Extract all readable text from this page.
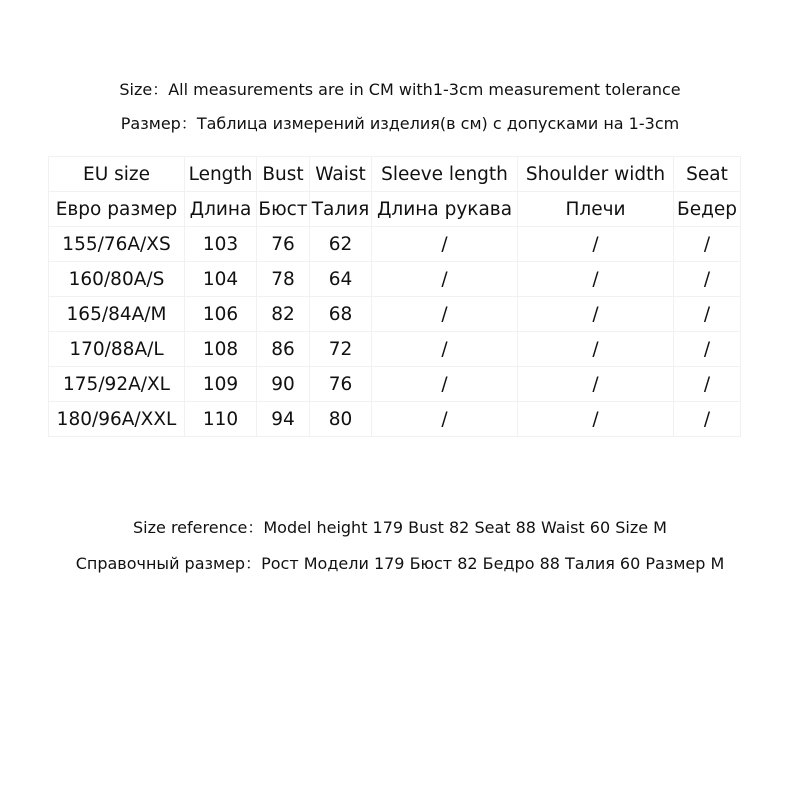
Size：All measurements are in CM with1-3cm measurement tolerance
Размер：Таблица измерений изделия(в см) с допусками на 1-3cm
EU size	Length	Bust	Waist	Sleeve length	Shoulder width	Seat
Евро размер	Длина	Бюст	Талия	Длина рукава	Плечи	Бедер
155/76A/XS	103	76	62	/	/	/
160/80A/S	104	78	64	/	/	/
165/84A/M	106	82	68	/	/	/
170/88A/L	108	86	72	/	/	/
175/92A/XL	109	90	76	/	/	/
180/96A/XXL	110	94	80	/	/	/
Size reference：Model height 179 Bust 82 Seat 88 Waist 60 Size M
Справочный размер：Рост Модели 179 Бюст 82 Бедро 88 Талия 60 Размер M
